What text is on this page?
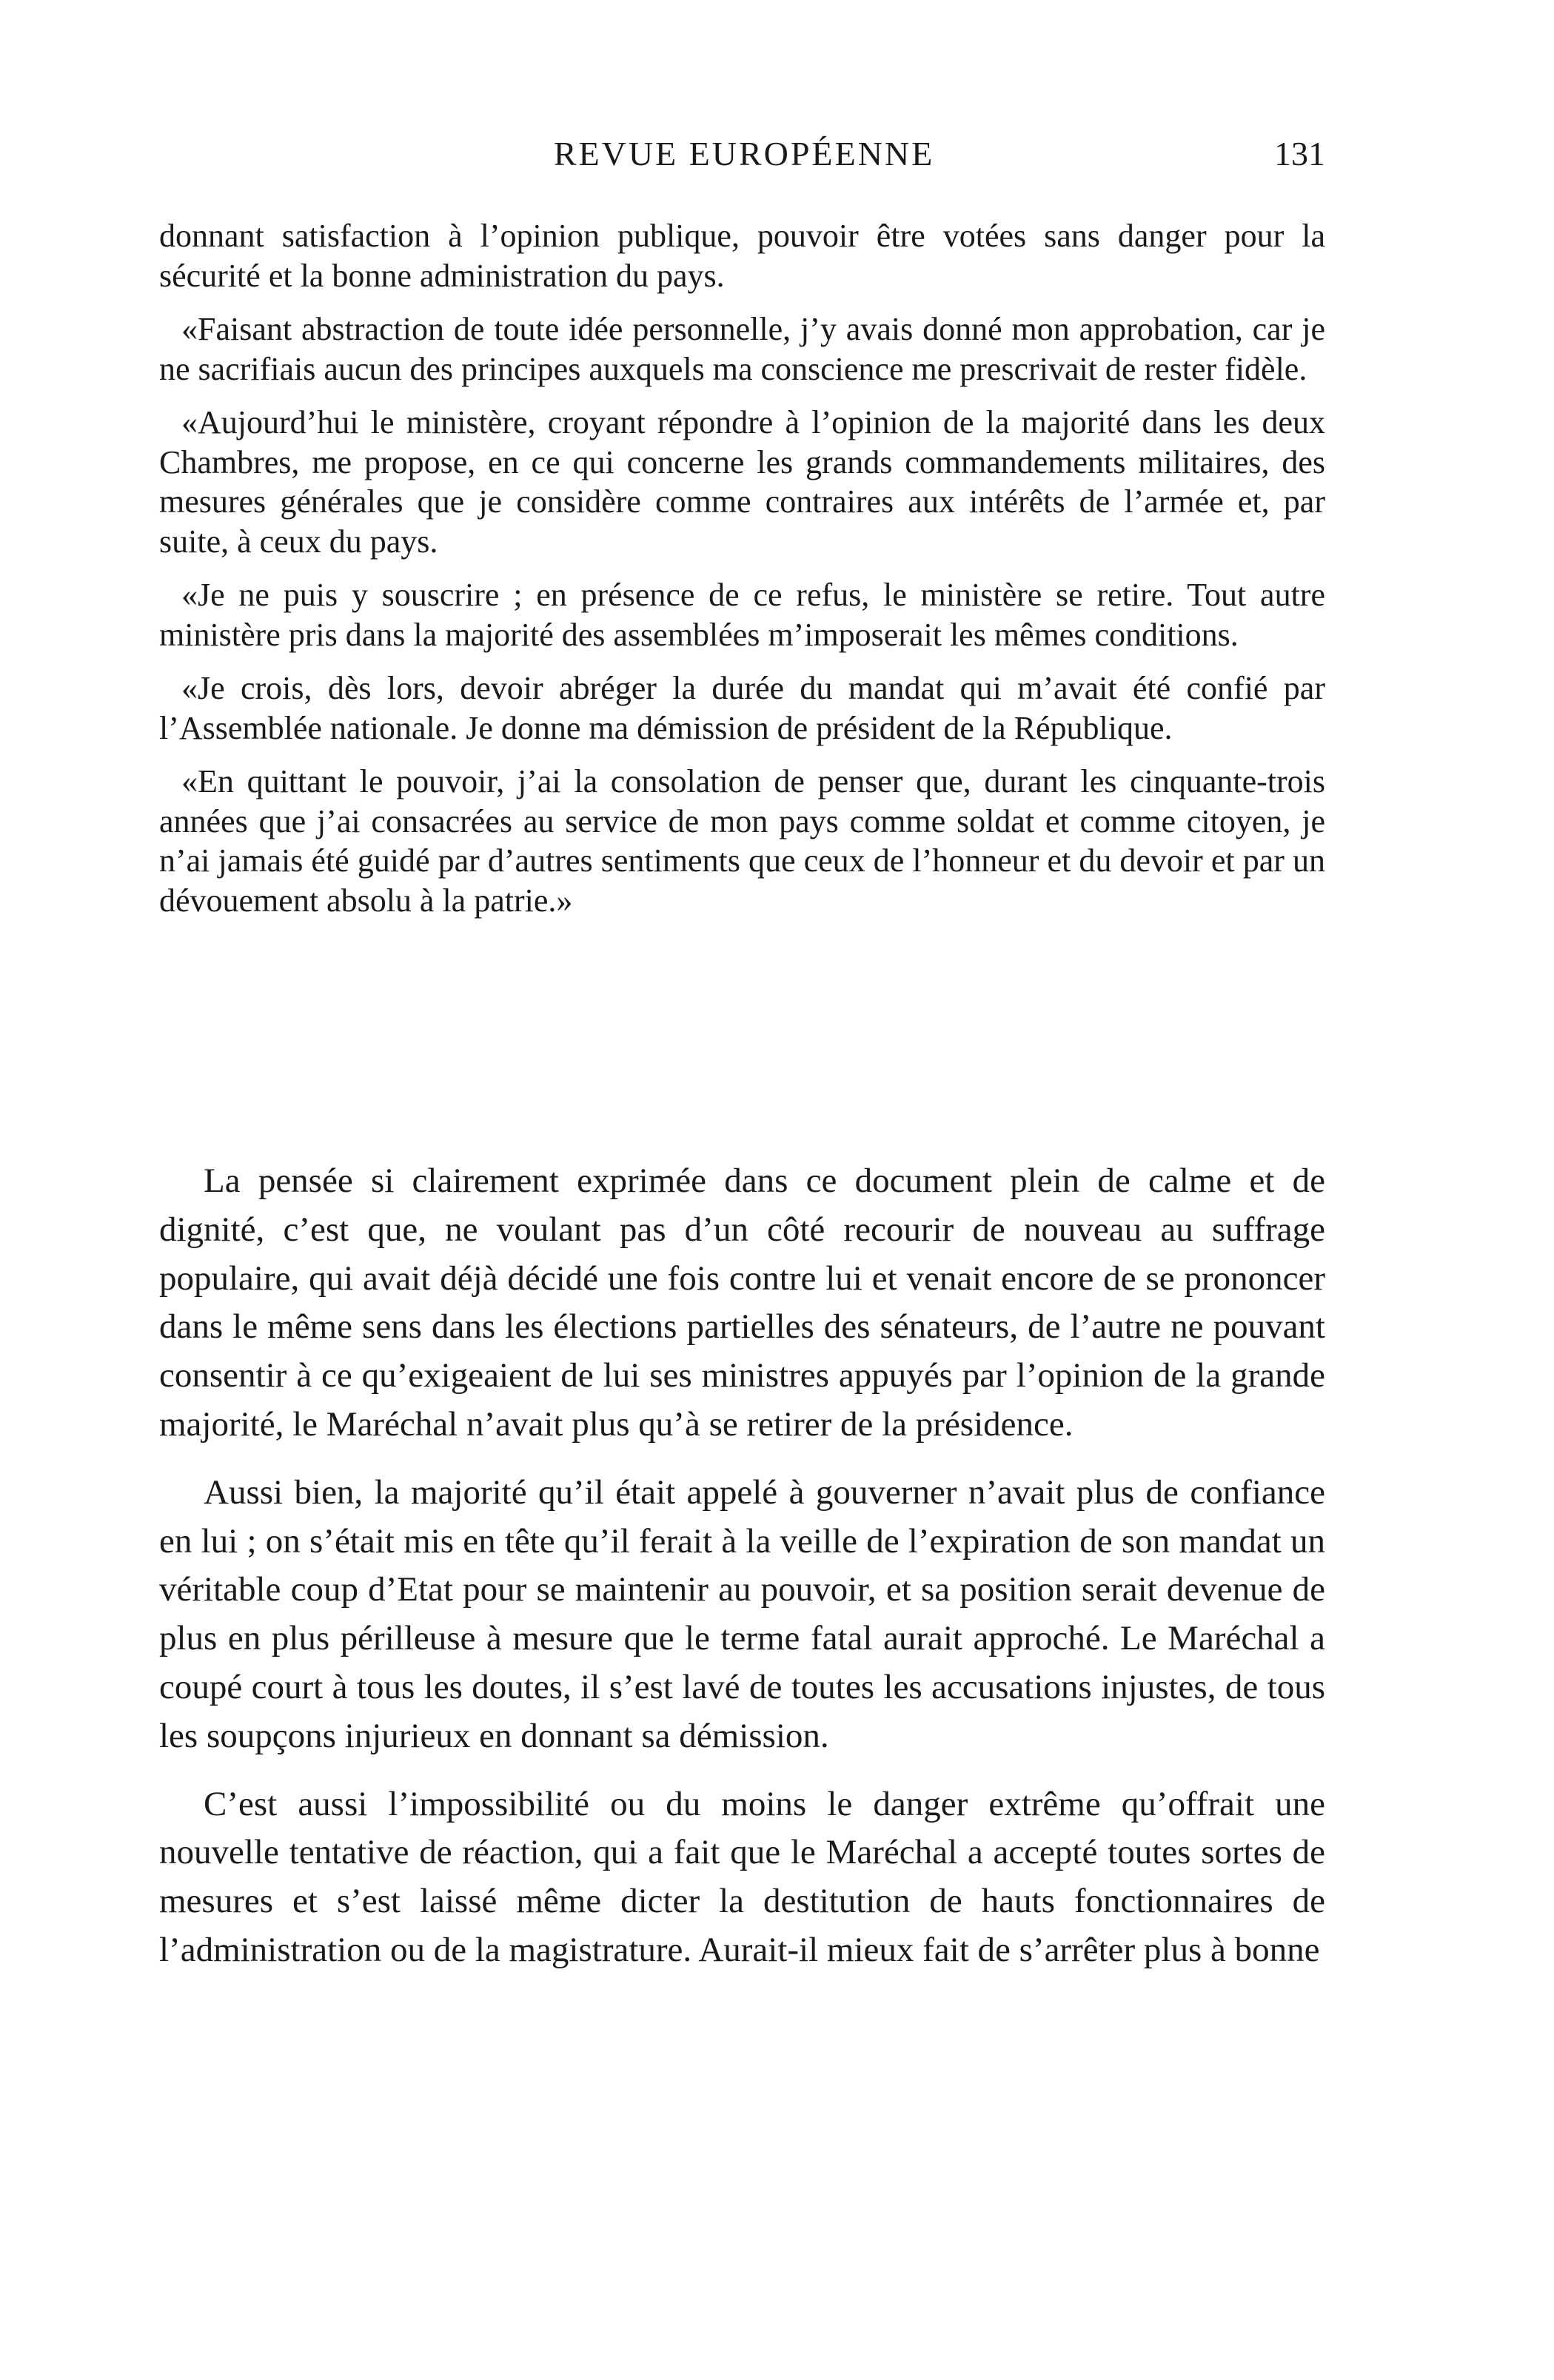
REVUE EUROPÉENNE	131

donnant satisfaction à l’opinion publique, pouvoir être votées sans danger pour la sécurité et la bonne administration du pays.

«Faisant abstraction de toute idée personnelle, j’y avais donné mon approbation, car je ne sacrifiais aucun des principes auxquels ma conscience me prescrivait de rester fidèle.

«Aujourd’hui le ministère, croyant répondre à l’opinion de la majorité dans les deux Chambres, me propose, en ce qui concerne les grands commandements militaires, des mesures générales que je considère comme contraires aux intérêts de l’armée et, par suite, à ceux du pays.

«Je ne puis y souscrire ; en présence de ce refus, le ministère se retire. Tout autre ministère pris dans la majorité des assemblées m’imposerait les mêmes conditions.

«Je crois, dès lors, devoir abréger la durée du mandat qui m’avait été confié par l’Assemblée nationale. Je donne ma démission de président de la République.

«En quittant le pouvoir, j’ai la consolation de penser que, durant les cinquante-trois années que j’ai consacrées au service de mon pays comme soldat et comme citoyen, je n’ai jamais été guidé par d’autres sentiments que ceux de l’honneur et du devoir et par un dévouement absolu à la patrie.»

La pensée si clairement exprimée dans ce document plein de calme et de dignité, c’est que, ne voulant pas d’un côté recourir de nouveau au suffrage populaire, qui avait déjà décidé une fois contre lui et venait encore de se prononcer dans le même sens dans les élections partielles des sénateurs, de l’autre ne pouvant consentir à ce qu’exigeaient de lui ses ministres appuyés par l’opinion de la grande majorité, le Maréchal n’avait plus qu’à se retirer de la présidence.

Aussi bien, la majorité qu’il était appelé à gouverner n’avait plus de confiance en lui ; on s’était mis en tête qu’il ferait à la veille de l’expiration de son mandat un véritable coup d’Etat pour se maintenir au pouvoir, et sa position serait devenue de plus en plus périlleuse à mesure que le terme fatal aurait approché. Le Maréchal a coupé court à tous les doutes, il s’est lavé de toutes les accusations injustes, de tous les soupçons injurieux en donnant sa démission.

C’est aussi l’impossibilité ou du moins le danger extrême qu’offrait une nouvelle tentative de réaction, qui a fait que le Maréchal a accepté toutes sortes de mesures et s’est laissé même dicter la destitution de hauts fonctionnaires de l’administration ou de la magistrature. Aurait-il mieux fait de s’arrêter plus à bonne
